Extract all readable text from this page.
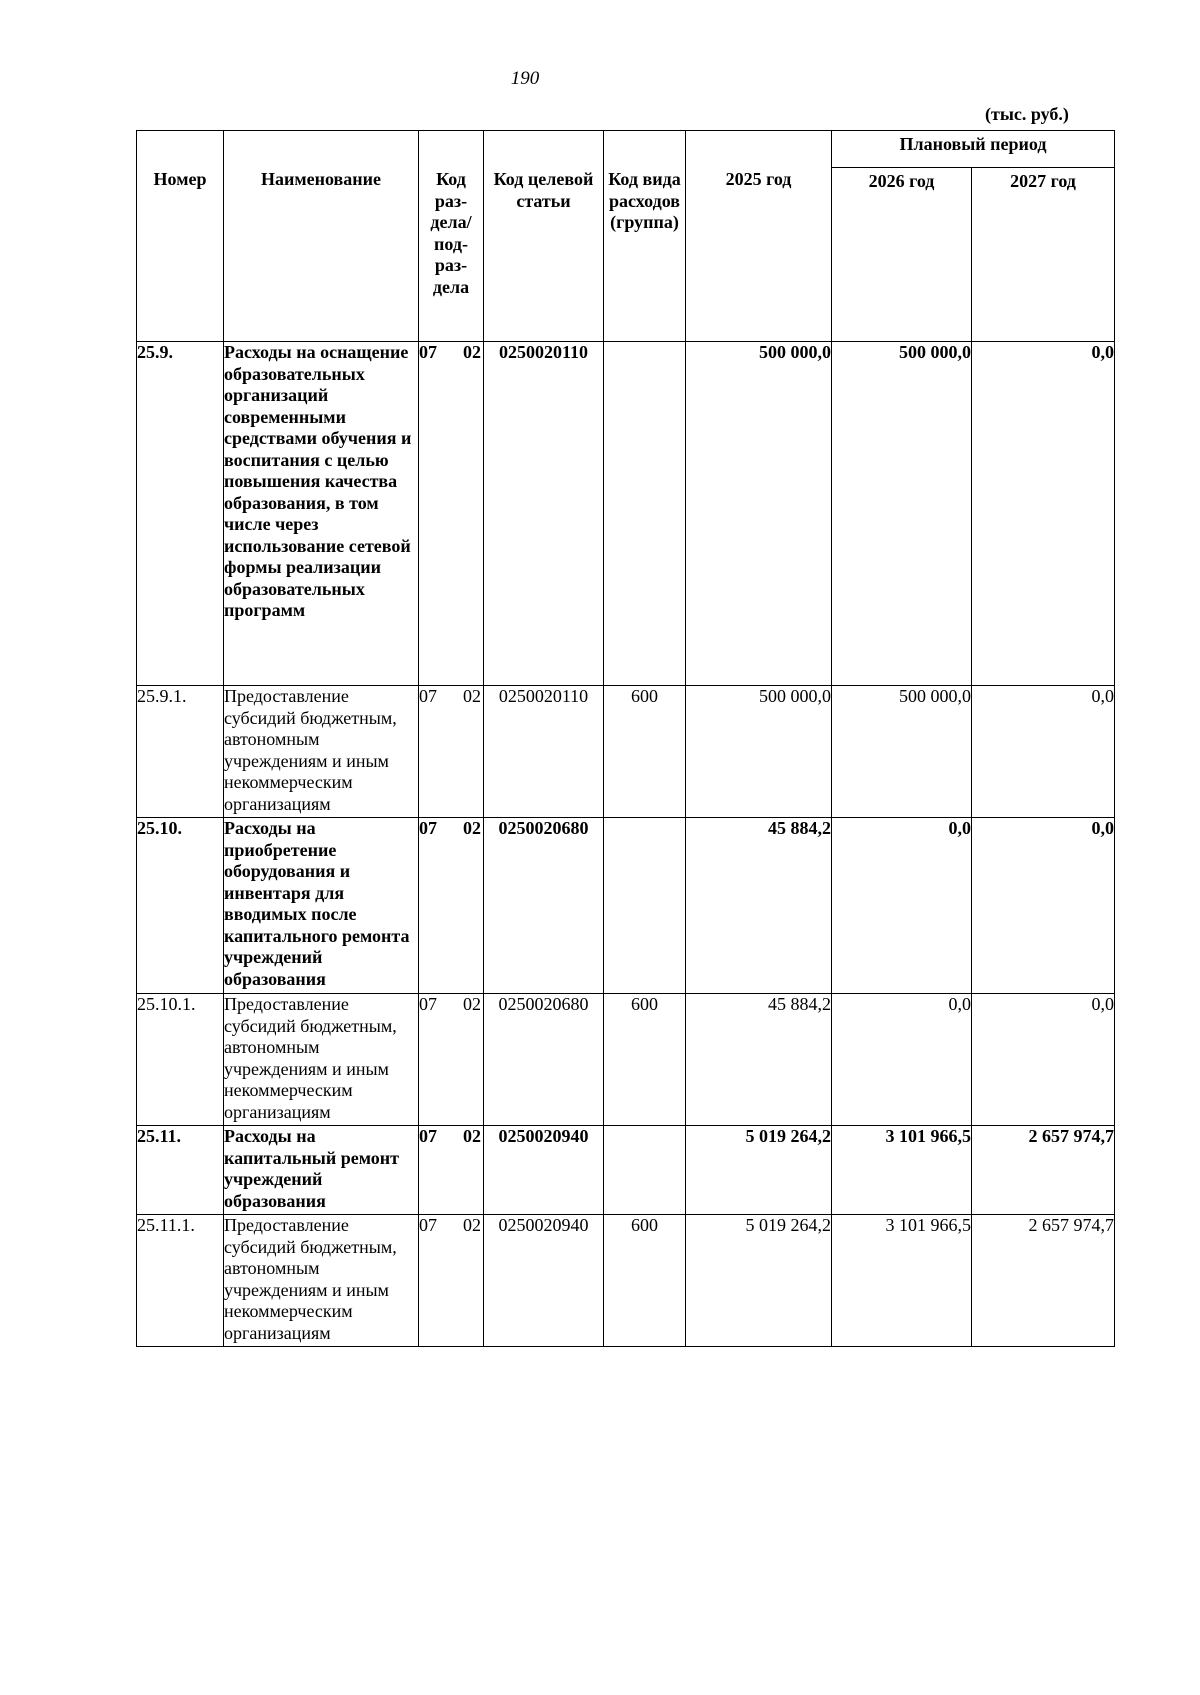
190
(тыс. руб.)
Номер	Наименование	Код раз-дела/ под-раз-дела	Код целевой статьи	Код вида расходов (группа)	2025 год	Плановый период	
						2026 год	2027 год
25.9.	Расходы на оснащение образовательных организаций современными средствами обучения и воспитания с целью повышения качества образования, в том числе через использование сетевой формы реализации образовательных программ	07 02	0250020110		500 000,0	500 000,0	0,0
25.9.1.	Предоставление субсидий бюджетным, автономным учреждениям и иным некоммерческим организациям	07 02	0250020110	600	500 000,0	500 000,0	0,0
25.10.	Расходы на приобретение оборудования и инвентаря для вводимых после капитального ремонта учреждений образования	07 02	0250020680		45 884,2	0,0	0,0
25.10.1.	Предоставление субсидий бюджетным, автономным учреждениям и иным некоммерческим организациям	07 02	0250020680	600	45 884,2	0,0	0,0
25.11.	Расходы на капитальный ремонт учреждений образования	07 02	0250020940		5 019 264,2	3 101 966,5	2 657 974,7
25.11.1.	Предоставление субсидий бюджетным, автономным учреждениям и иным некоммерческим организациям	07 02	0250020940	600	5 019 264,2	3 101 966,5	2 657 974,7
